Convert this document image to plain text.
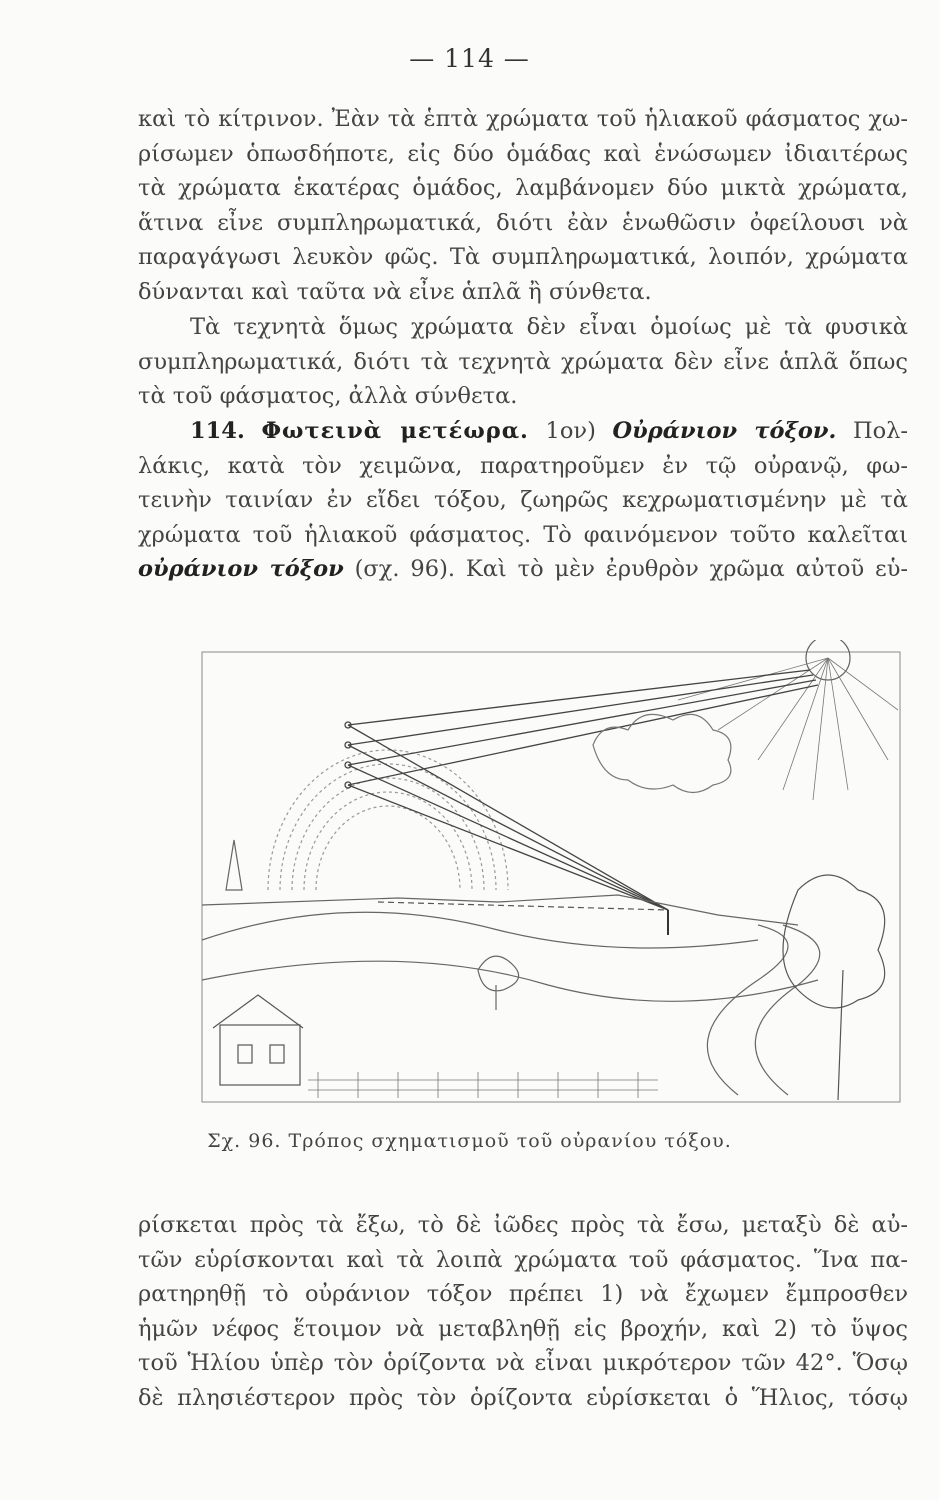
— 114 —
καὶ τὸ κίτρινον. Ἐὰν τὰ ἑπτὰ χρώματα τοῦ ἡλιακοῦ φάσματος χω-
ρίσωμεν ὁπωσδήποτε, εἰς δύο ὁμάδας καὶ ἑνώσωμεν ἰδιαιτέρως
τὰ χρώματα ἑκατέρας ὁμάδος, λαμβάνομεν δύο μικτὰ χρώματα,
ἅτινα εἶνε συμπληρωματικά, διότι ἐὰν ἑνωθῶσιν ὀφείλουσι νὰ
παραγάγωσι λευκὸν φῶς. Τὰ συμπληρωματικά, λοιπόν, χρώματα
δύνανται καὶ ταῦτα νὰ εἶνε ἁπλᾶ ἢ σύνθετα.
Τὰ τεχνητὰ ὅμως χρώματα δὲν εἶναι ὁμοίως μὲ τὰ φυσικὰ
συμπληρωματικά, διότι τὰ τεχνητὰ χρώματα δὲν εἶνε ἁπλᾶ ὅπως
τὰ τοῦ φάσματος, ἀλλὰ σύνθετα.
114. Φωτεινὰ μετέωρα. 1ον) Οὐράνιον τόξον. Πολ-
λάκις, κατὰ τὸν χειμῶνα, παρατηροῦμεν ἐν τῷ οὐρανῷ, φω-
τεινὴν ταινίαν ἐν εἴδει τόξου, ζωηρῶς κεχρωματισμένην μὲ τὰ
χρώματα τοῦ ἡλιακοῦ φάσματος. Τὸ φαινόμενον τοῦτο καλεῖται
οὐράνιον τόξον (σχ. 96). Καὶ τὸ μὲν ἐρυθρὸν χρῶμα αὐτοῦ εὑ-
Σχ. 96. Τρόπος σχηματισμοῦ τοῦ οὐρανίου τόξου.
ρίσκεται πρὸς τὰ ἔξω, τὸ δὲ ἰῶδες πρὸς τὰ ἔσω, μεταξὺ δὲ αὐ-
τῶν εὑρίσκονται καὶ τὰ λοιπὰ χρώματα τοῦ φάσματος. Ἵνα πα-
ρατηρηθῇ τὸ οὐράνιον τόξον πρέπει 1) νὰ ἔχωμεν ἔμπροσθεν
ἡμῶν νέφος ἕτοιμον νὰ μεταβληθῇ εἰς βροχήν, καὶ 2) τὸ ὕψος
τοῦ Ἡλίου ὑπὲρ τὸν ὁρίζοντα νὰ εἶναι μικρότερον τῶν 42°. Ὅσῳ
δὲ πλησιέστερον πρὸς τὸν ὁρίζοντα εὑρίσκεται ὁ Ἥλιος, τόσῳ
